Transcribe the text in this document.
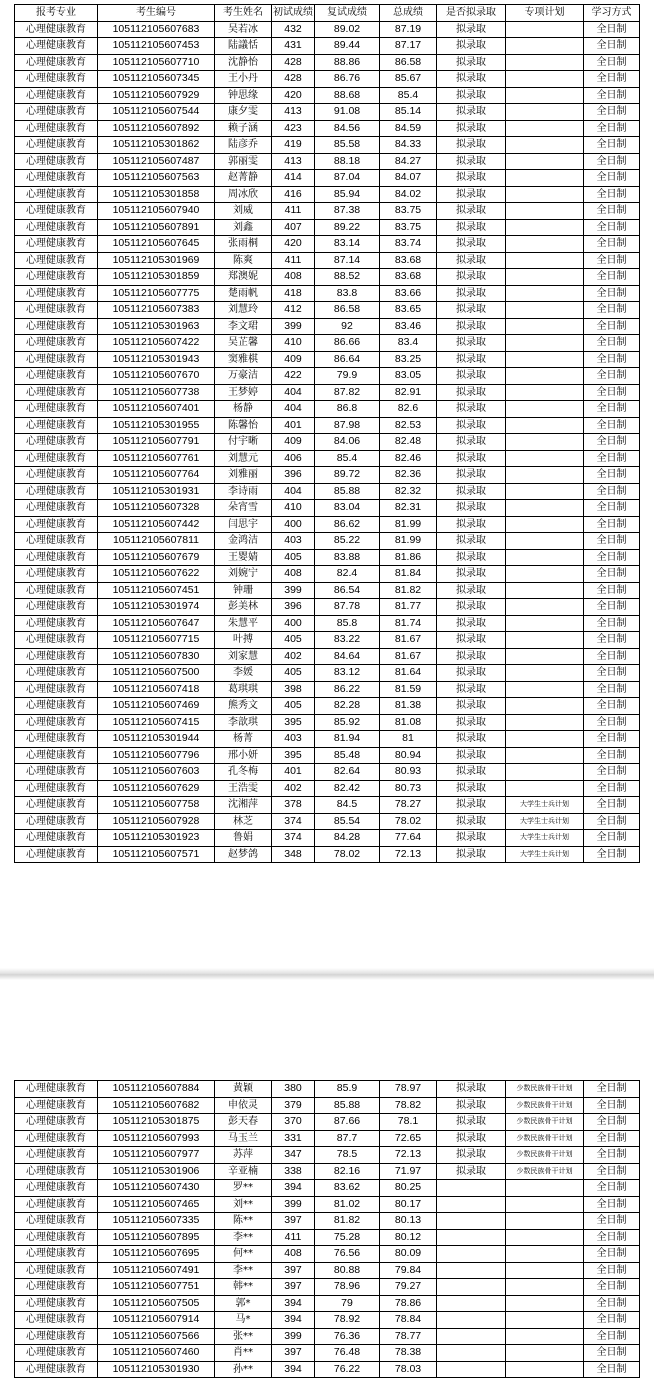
报考专业	考生编号	考生姓名	初试成绩	复试成绩	总成绩	是否拟录取	专项计划	学习方式
心理健康教育	105112105607683	吴若冰	432	89.02	87.19	拟录取		全日制
心理健康教育	105112105607453	陆議恬	431	89.44	87.17	拟录取		全日制
心理健康教育	105112105607710	沈静怡	428	88.86	86.58	拟录取		全日制
心理健康教育	105112105607345	王小丹	428	86.76	85.67	拟录取		全日制
心理健康教育	105112105607929	钟思缘	420	88.68	85.4	拟录取		全日制
心理健康教育	105112105607544	康夕雯	413	91.08	85.14	拟录取		全日制
心理健康教育	105112105607892	赖子涵	423	84.56	84.59	拟录取		全日制
心理健康教育	105112105301862	陆彦乔	419	85.58	84.33	拟录取		全日制
心理健康教育	105112105607487	郭丽雯	413	88.18	84.27	拟录取		全日制
心理健康教育	105112105607563	赵菁静	414	87.04	84.07	拟录取		全日制
心理健康教育	105112105301858	周冰欣	416	85.94	84.02	拟录取		全日制
心理健康教育	105112105607940	刘威	411	87.38	83.75	拟录取		全日制
心理健康教育	105112105607891	刘鑫	407	89.22	83.75	拟录取		全日制
心理健康教育	105112105607645	张雨桐	420	83.14	83.74	拟录取		全日制
心理健康教育	105112105301969	陈爽	411	87.14	83.68	拟录取		全日制
心理健康教育	105112105301859	郑澳妮	408	88.52	83.68	拟录取		全日制
心理健康教育	105112105607775	楚雨帆	418	83.8	83.66	拟录取		全日制
心理健康教育	105112105607383	刘慧玲	412	86.58	83.65	拟录取		全日制
心理健康教育	105112105301963	李文珺	399	92	83.46	拟录取		全日制
心理健康教育	105112105607422	吴芷馨	410	86.66	83.4	拟录取		全日制
心理健康教育	105112105301943	窦雅棋	409	86.64	83.25	拟录取		全日制
心理健康教育	105112105607670	万豪洁	422	79.9	83.05	拟录取		全日制
心理健康教育	105112105607738	王梦婷	404	87.82	82.91	拟录取		全日制
心理健康教育	105112105607401	杨静	404	86.8	82.6	拟录取		全日制
心理健康教育	105112105301955	陈馨怡	401	87.98	82.53	拟录取		全日制
心理健康教育	105112105607791	付宇晰	409	84.06	82.48	拟录取		全日制
心理健康教育	105112105607761	刘慧元	406	85.4	82.46	拟录取		全日制
心理健康教育	105112105607764	刘雅丽	396	89.72	82.36	拟录取		全日制
心理健康教育	105112105301931	李诗雨	404	85.88	82.32	拟录取		全日制
心理健康教育	105112105607328	朵宵雪	410	83.04	82.31	拟录取		全日制
心理健康教育	105112105607442	闫思宇	400	86.62	81.99	拟录取		全日制
心理健康教育	105112105607811	金鸿洁	403	85.22	81.99	拟录取		全日制
心理健康教育	105112105607679	王婴婧	405	83.88	81.86	拟录取		全日制
心理健康教育	105112105607622	刘婉宁	408	82.4	81.84	拟录取		全日制
心理健康教育	105112105607451	钟珊	399	86.54	81.82	拟录取		全日制
心理健康教育	105112105301974	彭美林	396	87.78	81.77	拟录取		全日制
心理健康教育	105112105607647	朱慧平	400	85.8	81.74	拟录取		全日制
心理健康教育	105112105607715	叶搏	405	83.22	81.67	拟录取		全日制
心理健康教育	105112105607830	刘家慧	402	84.64	81.67	拟录取		全日制
心理健康教育	105112105607500	李媛	405	83.12	81.64	拟录取		全日制
心理健康教育	105112105607418	葛琪琪	398	86.22	81.59	拟录取		全日制
心理健康教育	105112105607469	熊秀文	405	82.28	81.38	拟录取		全日制
心理健康教育	105112105607415	李歆琪	395	85.92	81.08	拟录取		全日制
心理健康教育	105112105301944	杨菁	403	81.94	81	拟录取		全日制
心理健康教育	105112105607796	邢小妍	395	85.48	80.94	拟录取		全日制
心理健康教育	105112105607603	孔冬梅	401	82.64	80.93	拟录取		全日制
心理健康教育	105112105607629	王浩雯	402	82.42	80.73	拟录取		全日制
心理健康教育	105112105607758	沈湘萍	378	84.5	78.27	拟录取	大学生士兵计划	全日制
心理健康教育	105112105607928	林芝	374	85.54	78.02	拟录取	大学生士兵计划	全日制
心理健康教育	105112105301923	鲁娟	374	84.28	77.64	拟录取	大学生士兵计划	全日制
心理健康教育	105112105607571	赵梦鸽	348	78.02	72.13	拟录取	大学生士兵计划	全日制
心理健康教育	105112105607884	黄颖	380	85.9	78.97	拟录取	少数民族骨干计划	全日制
心理健康教育	105112105607682	申依灵	379	85.88	78.82	拟录取	少数民族骨干计划	全日制
心理健康教育	105112105301875	彭天春	370	87.66	78.1	拟录取	少数民族骨干计划	全日制
心理健康教育	105112105607993	马玉兰	331	87.7	72.65	拟录取	少数民族骨干计划	全日制
心理健康教育	105112105607977	苏萍	347	78.5	72.13	拟录取	少数民族骨干计划	全日制
心理健康教育	105112105301906	辛亚楠	338	82.16	71.97	拟录取	少数民族骨干计划	全日制
心理健康教育	105112105607430	罗**	394	83.62	80.25			全日制
心理健康教育	105112105607465	刘**	399	81.02	80.17			全日制
心理健康教育	105112105607335	陈**	397	81.82	80.13			全日制
心理健康教育	105112105607895	李**	411	75.28	80.12			全日制
心理健康教育	105112105607695	何**	408	76.56	80.09			全日制
心理健康教育	105112105607491	李**	397	80.88	79.84			全日制
心理健康教育	105112105607751	韩**	397	78.96	79.27			全日制
心理健康教育	105112105607505	郭*	394	79	78.86			全日制
心理健康教育	105112105607914	马*	394	78.92	78.84			全日制
心理健康教育	105112105607566	张**	399	76.36	78.77			全日制
心理健康教育	105112105607460	肖**	397	76.48	78.38			全日制
心理健康教育	105112105301930	孙**	394	76.22	78.03			全日制
